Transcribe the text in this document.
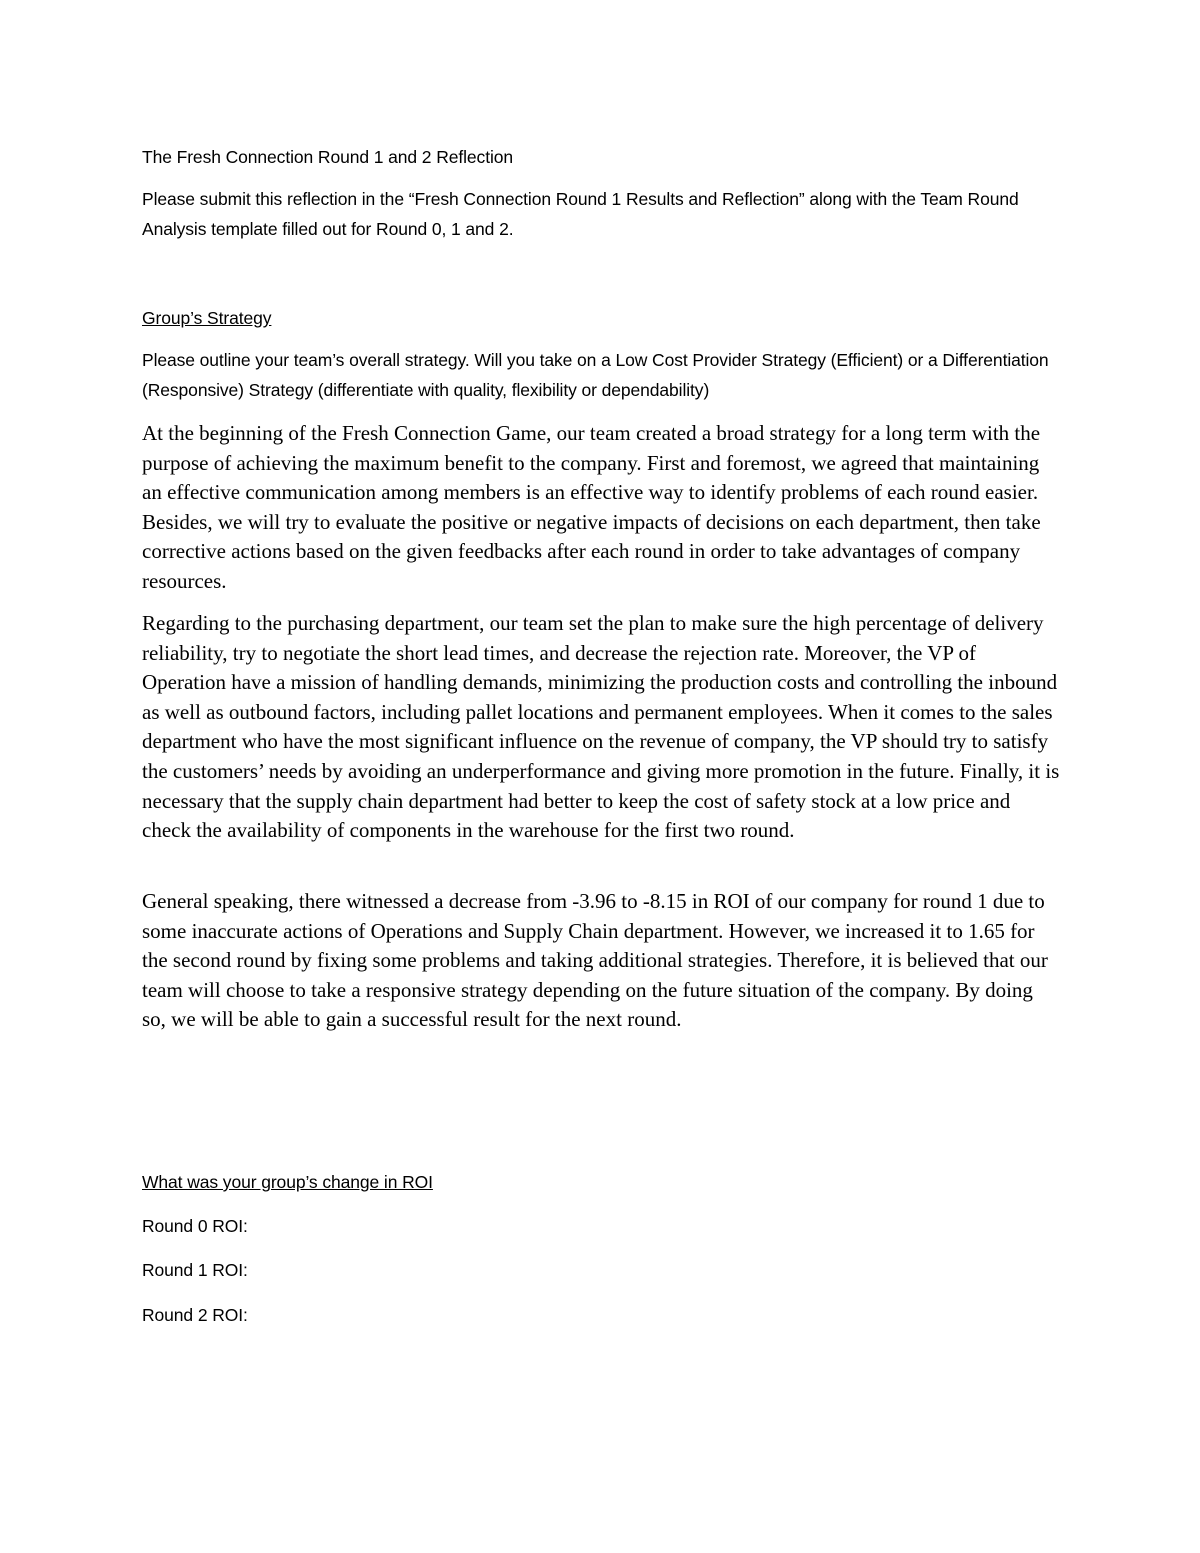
The Fresh Connection Round 1 and 2 Reflection

Please submit this reflection in the “Fresh Connection Round 1 Results and Reflection” along with the Team Round Analysis template filled out for Round 0, 1 and 2.

Group’s Strategy

Please outline your team’s overall strategy. Will you take on a Low Cost Provider Strategy (Efficient) or a Differentiation (Responsive) Strategy (differentiate with quality, flexibility or dependability)

At the beginning of the Fresh Connection Game, our team created a broad strategy for a long term with the purpose of achieving the maximum benefit to the company. First and foremost, we agreed that maintaining an effective communication among members is an effective way to identify problems of each round easier. Besides, we will try to evaluate the positive or negative impacts of decisions on each department, then take corrective actions based on the given feedbacks after each round in order to take advantages of company resources.

Regarding to the purchasing department, our team set the plan to make sure the high percentage of delivery reliability, try to negotiate the short lead times, and decrease the rejection rate. Moreover, the VP of Operation have a mission of handling demands, minimizing the production costs and controlling the inbound as well as outbound factors, including pallet locations and permanent employees. When it comes to the sales department who have the most significant influence on the revenue of company, the VP should try to satisfy the customers’ needs by avoiding an underperformance and giving more promotion in the future. Finally, it is necessary that the supply chain department had better to keep the cost of safety stock at a low price and check the availability of components in the warehouse for the first two round.

General speaking, there witnessed a decrease from -3.96 to -8.15 in ROI of our company for round 1 due to some inaccurate actions of Operations and Supply Chain department. However, we increased it to 1.65 for the second round by fixing some problems and taking additional strategies. Therefore, it is believed that our team will choose to take a responsive strategy depending on the future situation of the company. By doing so, we will be able to gain a successful result for the next round.

What was your group’s change in ROI

Round 0 ROI:

Round 1 ROI:

Round 2 ROI:
